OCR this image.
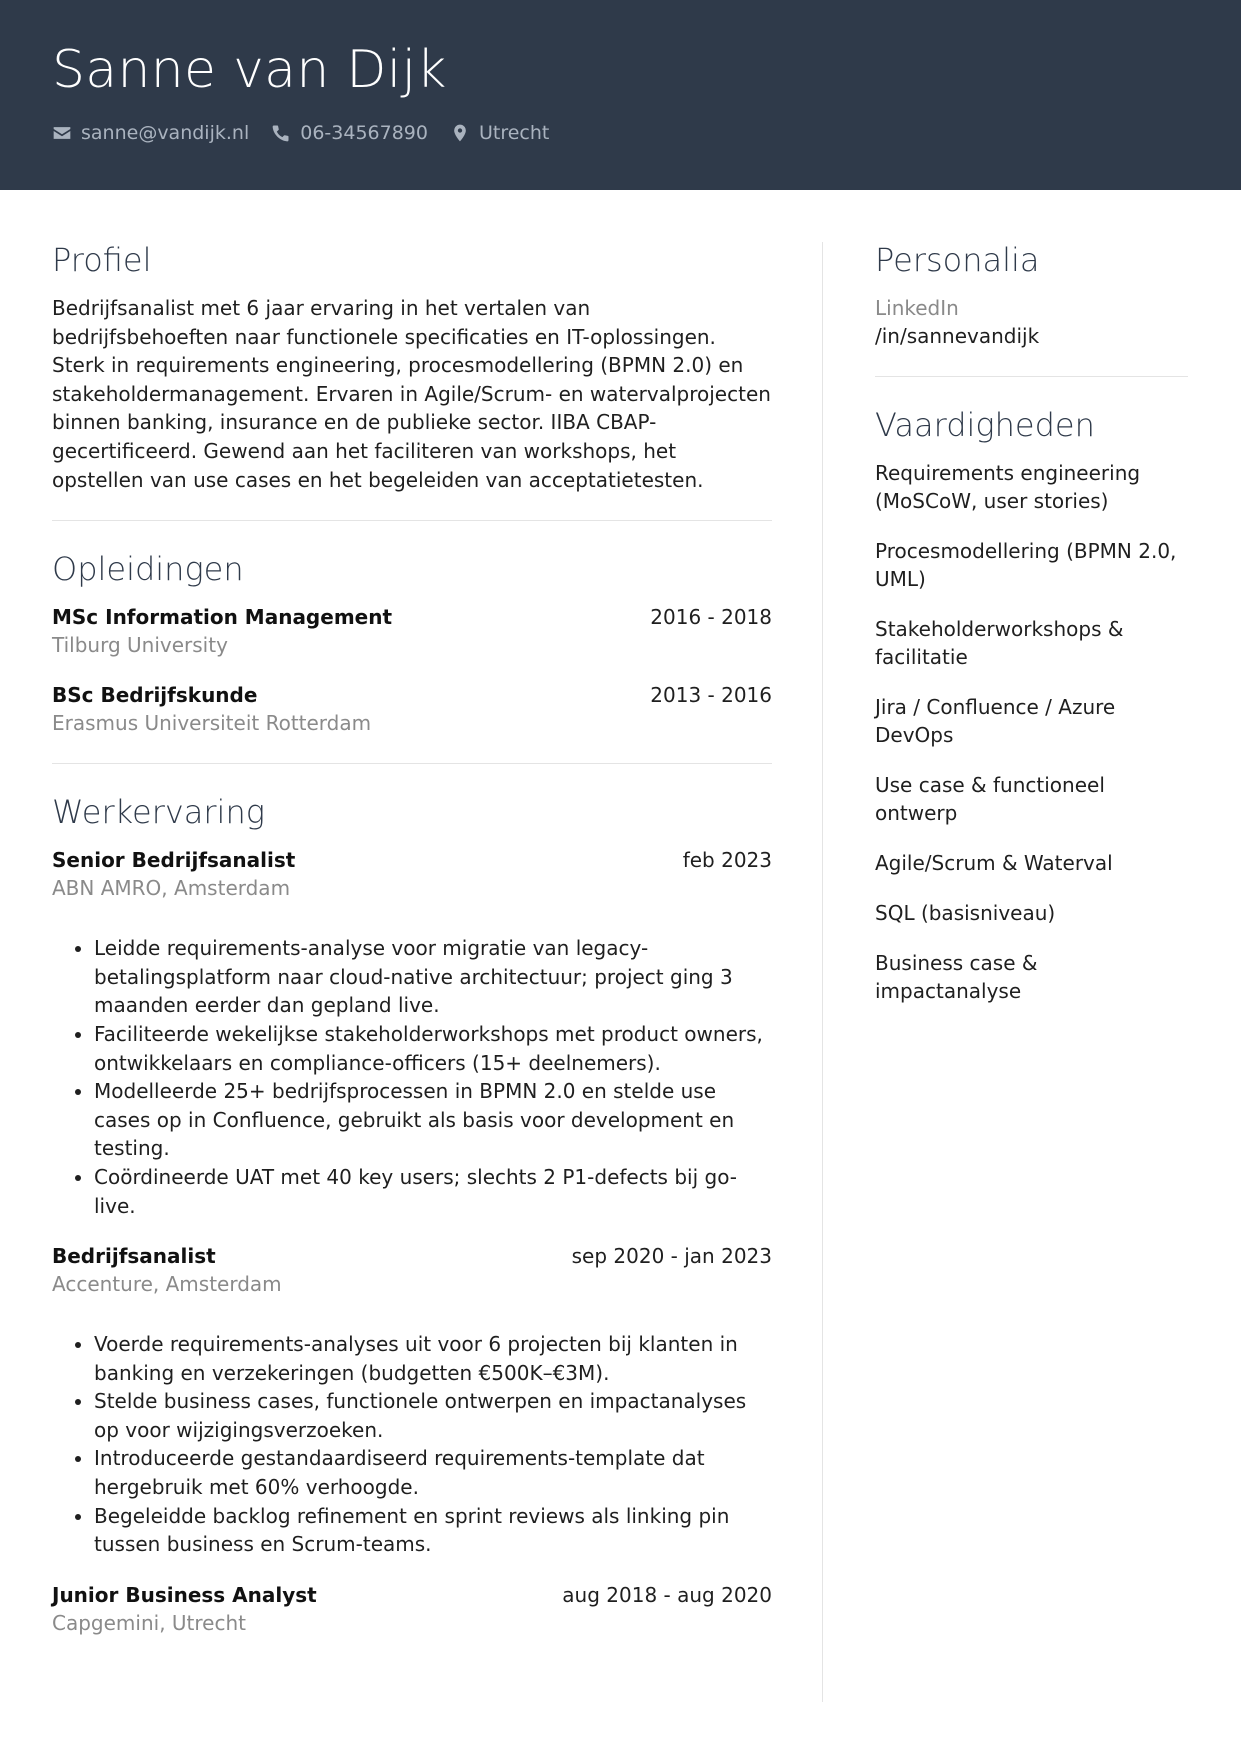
Sanne van Dijk
sanne@vandijk.nl	06-34567890	Utrecht
Profiel

Bedrijfsanalist met 6 jaar ervaring in het vertalen van bedrijfsbehoeften naar functionele specificaties en IT-oplossingen. Sterk in requirements engineering, procesmodellering (BPMN 2.0) en stakeholdermanagement. Ervaren in Agile/Scrum- en watervalprojecten binnen banking, insurance en de publieke sector. IIBA CBAP-gecertificeerd. Gewend aan het faciliteren van workshops, het opstellen van use cases en het begeleiden van acceptatietesten.

Opleidingen
MSc Information Management	2016 - 2018
Tilburg University
BSc Bedrijfskunde	2013 - 2016
Erasmus Universiteit Rotterdam
Werkervaring
Senior Bedrijfsanalist	feb 2023
ABN AMRO, Amsterdam
• Leidde requirements-analyse voor migratie van legacy-betalingsplatform naar cloud-native architectuur; project ging 3 maanden eerder dan gepland live.
• Faciliteerde wekelijkse stakeholderworkshops met product owners, ontwikkelaars en compliance-officers (15+ deelnemers).
• Modelleerde 25+ bedrijfsprocessen in BPMN 2.0 en stelde use cases op in Confluence, gebruikt als basis voor development en testing.
• Coördineerde UAT met 40 key users; slechts 2 P1-defects bij go-live.
Bedrijfsanalist	sep 2020 - jan 2023
Accenture, Amsterdam
• Voerde requirements-analyses uit voor 6 projecten bij klanten in banking en verzekeringen (budgetten €500K–€3M).
• Stelde business cases, functionele ontwerpen en impactanalyses op voor wijzigingsverzoeken.
• Introduceerde gestandaardiseerd requirements-template dat hergebruik met 60% verhoogde.
• Begeleidde backlog refinement en sprint reviews als linking pin tussen business en Scrum-teams.
Junior Business Analyst	aug 2018 - aug 2020
Capgemini, Utrecht
Personalia
LinkedIn
/in/sannevandijk
Vaardigheden
Requirements engineering (MoSCoW, user stories)
Procesmodellering (BPMN 2.0, UML)
Stakeholderworkshops & facilitatie
Jira / Confluence / Azure DevOps
Use case & functioneel ontwerp
Agile/Scrum & Waterval
SQL (basisniveau)
Business case & impactanalyse
